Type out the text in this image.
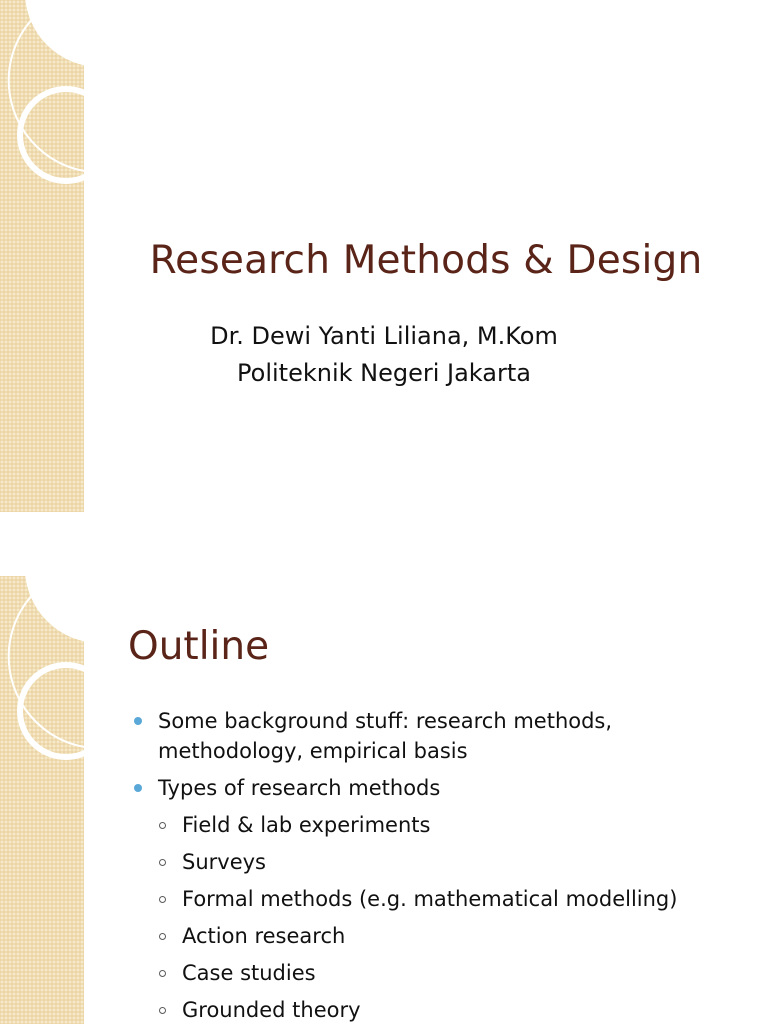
Research Methods & Design
Dr. Dewi Yanti Liliana, M.Kom
Politeknik Negeri Jakarta
Outline
Some background stuff: research methods,
methodology, empirical basis
Types of research methods
Field & lab experiments
Surveys
Formal methods (e.g. mathematical modelling)
Action research
Case studies
Grounded theory
